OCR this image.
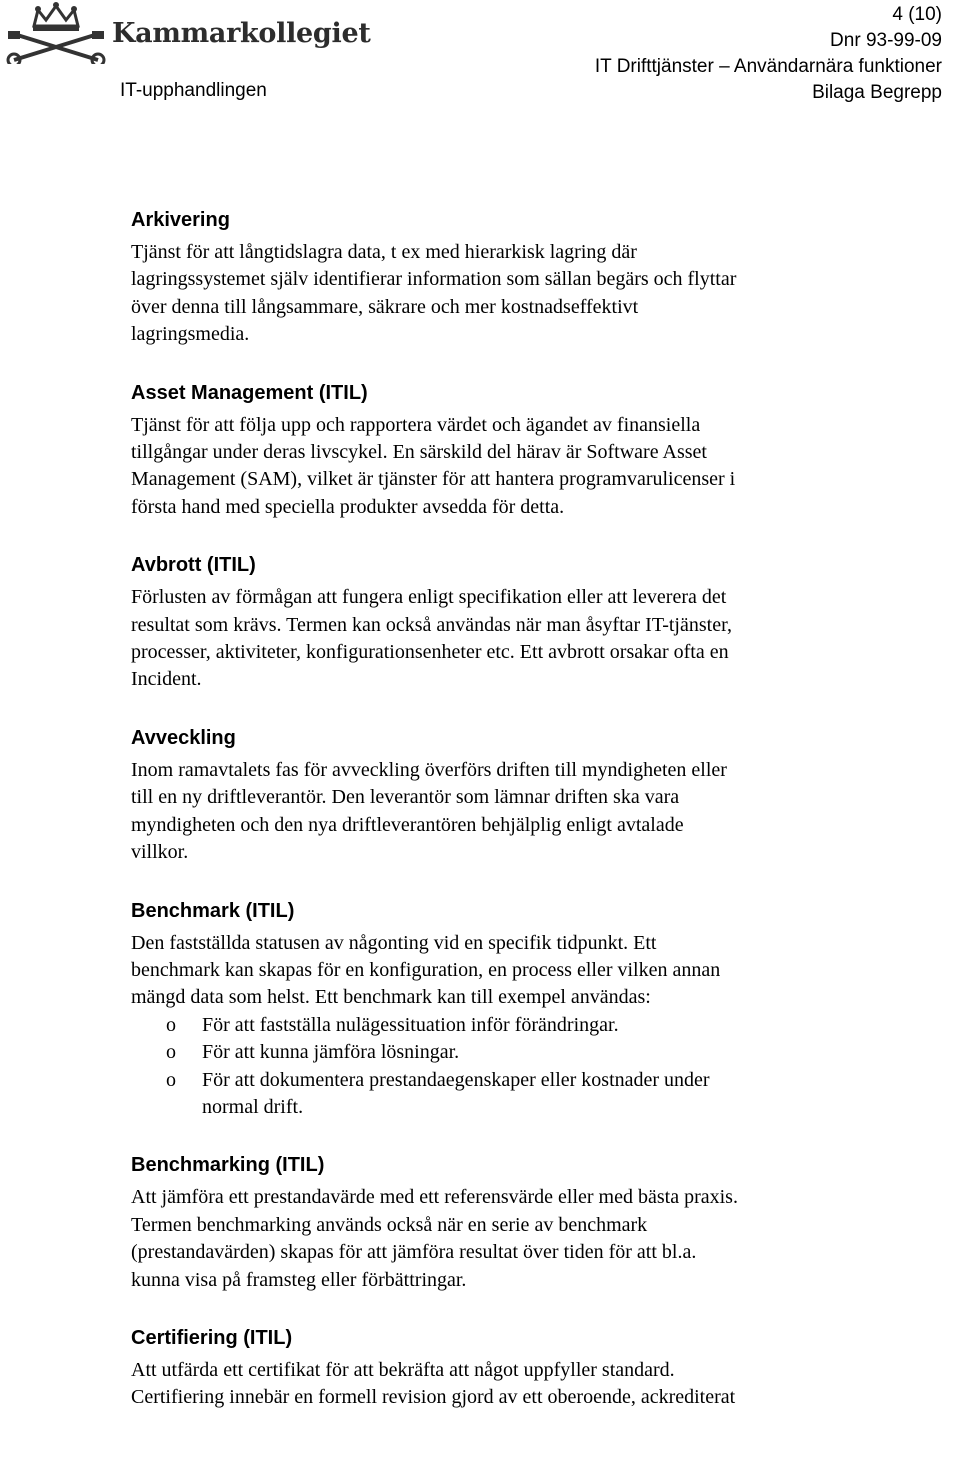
Kammarkollegiet
IT-upphandlingen
4 (10)
Dnr 93-99-09
IT Drifttjänster – Användarnära funktioner
Bilaga Begrepp
Arkivering

Tjänst för att långtidslagra data, t ex med hierarkisk lagring där
lagringssystemet själv identifierar information som sällan begärs och flyttar
över denna till långsammare, säkrare och mer kostnadseffektivt
lagringsmedia.

Asset Management (ITIL)

Tjänst för att följa upp och rapportera värdet och ägandet av finansiella
tillgångar under deras livscykel. En särskild del härav är Software Asset
Management (SAM), vilket är tjänster för att hantera programvarulicenser i
första hand med speciella produkter avsedda för detta.

Avbrott (ITIL)

Förlusten av förmågan att fungera enligt specifikation eller att leverera det
resultat som krävs. Termen kan också användas när man åsyftar IT-tjänster,
processer, aktiviteter, konfigurationsenheter etc. Ett avbrott orsakar ofta en
Incident.

Avveckling

Inom ramavtalets fas för avveckling överförs driften till myndigheten eller
till en ny driftleverantör. Den leverantör som lämnar driften ska vara
myndigheten och den nya driftleverantören behjälplig enligt avtalade
villkor.

Benchmark (ITIL)

Den fastställda statusen av någonting vid en specifik tidpunkt. Ett
benchmark kan skapas för en konfiguration, en process eller vilken annan
mängd data som helst. Ett benchmark kan till exempel användas:

o För att fastställa nulägessituation inför förändringar.
o För att kunna jämföra lösningar.
o För att dokumentera prestandaegenskaper eller kostnader under
normal drift.
Benchmarking (ITIL)

Att jämföra ett prestandavärde med ett referensvärde eller med bästa praxis.
Termen benchmarking används också när en serie av benchmark
(prestandavärden) skapas för att jämföra resultat över tiden för att bl.a.
kunna visa på framsteg eller förbättringar.

Certifiering (ITIL)

Att utfärda ett certifikat för att bekräfta att något uppfyller standard.
Certifiering innebär en formell revision gjord av ett oberoende, ackrediterat
